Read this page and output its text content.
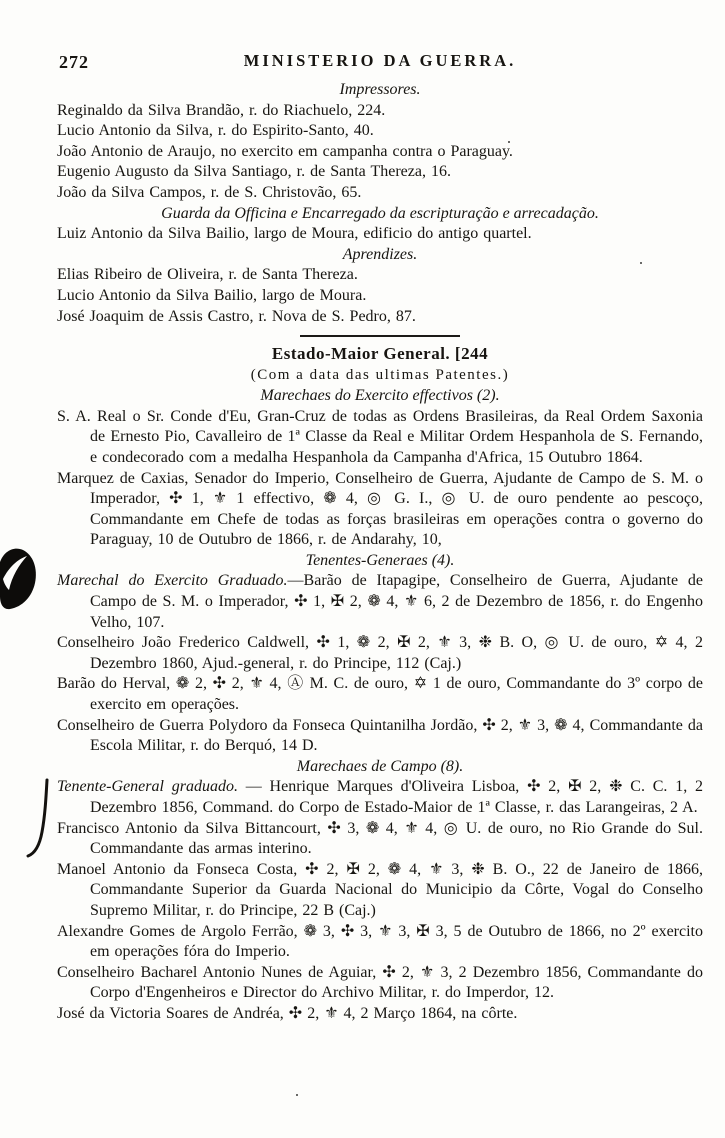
272	MINISTERIO DA GUERRA.
Impressores.

Reginaldo da Silva Brandão, r. do Riachuelo, 224.

Lucio Antonio da Silva, r. do Espirito-Santo, 40.

João Antonio de Araujo, no exercito em campanha contra o Paraguay.

Eugenio Augusto da Silva Santiago, r. de Santa Thereza, 16.

João da Silva Campos, r. de S. Christovão, 65.

Guarda da Officina e Encarregado da escripturação e arrecadação.

Luiz Antonio da Silva Bailio, largo de Moura, edificio do antigo quartel.

Aprendizes.

Elias Ribeiro de Oliveira, r. de Santa Thereza.

Lucio Antonio da Silva Bailio, largo de Moura.

José Joaquim de Assis Castro, r. Nova de S. Pedro, 87.

Estado-Maior General. [244
(Com a data das ultimas Patentes.)
Marechaes do Exercito effectivos (2).

S. A. Real o Sr. Conde d'Eu, Gran-Cruz de todas as Ordens Brasileiras, da Real Ordem Saxonia de Ernesto Pio, Cavalleiro de 1ª Classe da Real e Militar Ordem Hespanhola de S. Fernando, e condecorado com a medalha Hespanhola da Campanha d'Africa, 15 Outubro 1864.

Marquez de Caxias, Senador do Imperio, Conselheiro de Guerra, Ajudante de Campo de S. M. o Imperador, ✣ 1, ⚜ 1 effectivo, ❁ 4, ◎ G. I., ◎ U. de ouro pendente ao pescoço, Commandante em Chefe de todas as forças brasileiras em operações contra o governo do Paraguay, 10 de Outubro de 1866, r. de Andarahy, 10,

Tenentes-Generaes (4).

Marechal do Exercito Graduado.—Barão de Itapagipe, Conselheiro de Guerra, Ajudante de Campo de S. M. o Imperador, ✣ 1, ✠ 2, ❁ 4, ⚜ 6, 2 de Dezembro de 1856, r. do Engenho Velho, 107.

Conselheiro João Frederico Caldwell, ✣ 1, ❁ 2, ✠ 2, ⚜ 3, ❉ B. O, ◎ U. de ouro, ✡ 4, 2 Dezembro 1860, Ajud.-general, r. do Principe, 112 (Caj.)

Barão do Herval, ❁ 2, ✣ 2, ⚜ 4, Ⓐ M. C. de ouro, ✡ 1 de ouro, Commandante do 3º corpo de exercito em operações.

Conselheiro de Guerra Polydoro da Fonseca Quintanilha Jordão, ✣ 2, ⚜ 3, ❁ 4, Commandante da Escola Militar, r. do Berquó, 14 D.

Marechaes de Campo (8).

Tenente-General graduado. — Henrique Marques d'Oliveira Lisboa, ✣ 2, ✠ 2, ❉ C. C. 1, 2 Dezembro 1856, Command. do Corpo de Estado-Maior de 1ª Classe, r. das Larangeiras, 2 A.

Francisco Antonio da Silva Bittancourt, ✣ 3, ❁ 4, ⚜ 4, ◎ U. de ouro, no Rio Grande do Sul. Commandante das armas interino.

Manoel Antonio da Fonseca Costa, ✣ 2, ✠ 2, ❁ 4, ⚜ 3, ❉ B. O., 22 de Janeiro de 1866, Commandante Superior da Guarda Nacional do Municipio da Côrte, Vogal do Conselho Supremo Militar, r. do Principe, 22 B (Caj.)

Alexandre Gomes de Argolo Ferrão, ❁ 3, ✣ 3, ⚜ 3, ✠ 3, 5 de Outubro de 1866, no 2º exercito em operações fóra do Imperio.

Conselheiro Bacharel Antonio Nunes de Aguiar, ✣ 2, ⚜ 3, 2 Dezembro 1856, Commandante do Corpo d'Engenheiros e Director do Archivo Militar, r. do Imperdor, 12.

José da Victoria Soares de Andréa, ✣ 2, ⚜ 4, 2 Março 1864, na côrte.
